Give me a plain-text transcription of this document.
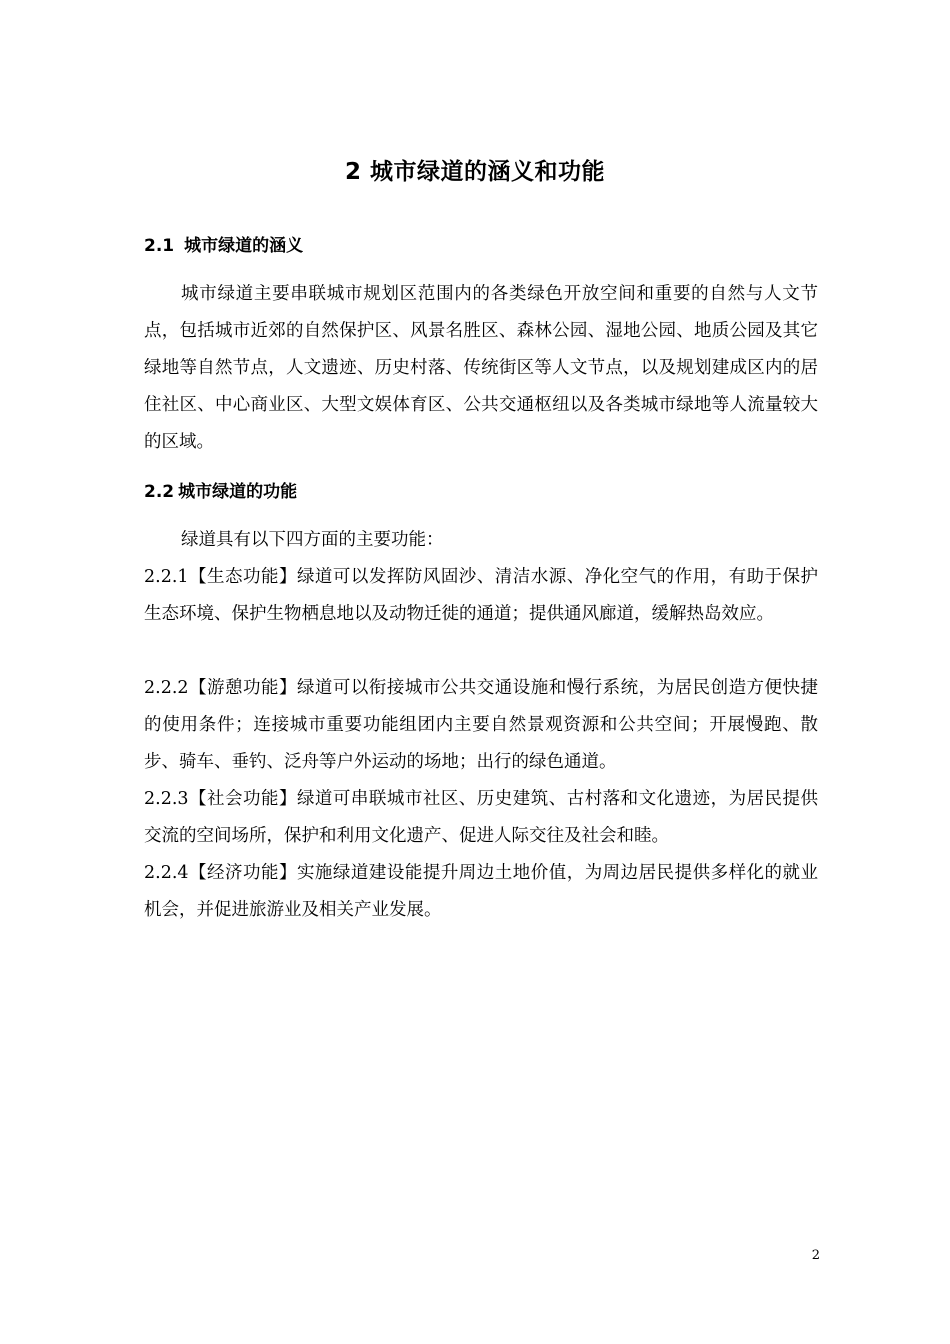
2 城市绿道的涵义和功能
2.1 城市绿道的涵义

城市绿道主要串联城市规划区范围内的各类绿色开放空间和重要的自然与人文节点，包括城市近郊的自然保护区、风景名胜区、森林公园、湿地公园、地质公园及其它绿地等自然节点，人文遗迹、历史村落、传统街区等人文节点，以及规划建成区内的居住社区、中心商业区、大型文娱体育区、公共交通枢纽以及各类城市绿地等人流量较大的区域。

2.2 城市绿道的功能

绿道具有以下四方面的主要功能：

2.2.1【生态功能】绿道可以发挥防风固沙、清洁水源、净化空气的作用，有助于保护生态环境、保护生物栖息地以及动物迁徙的通道；提供通风廊道，缓解热岛效应。

2.2.2【游憩功能】绿道可以衔接城市公共交通设施和慢行系统，为居民创造方便快捷的使用条件；连接城市重要功能组团内主要自然景观资源和公共空间；开展慢跑、散步、骑车、垂钓、泛舟等户外运动的场地；出行的绿色通道。

2.2.3【社会功能】绿道可串联城市社区、历史建筑、古村落和文化遗迹，为居民提供交流的空间场所，保护和利用文化遗产、促进人际交往及社会和睦。

2.2.4【经济功能】实施绿道建设能提升周边土地价值，为周边居民提供多样化的就业机会，并促进旅游业及相关产业发展。

2
